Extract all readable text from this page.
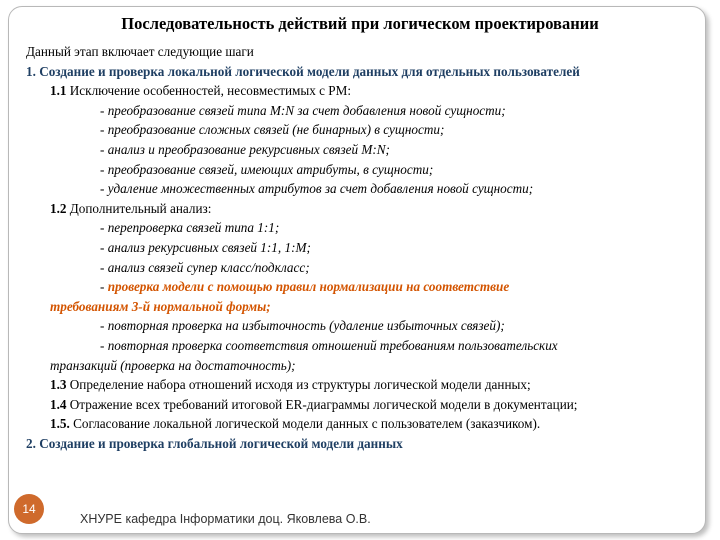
Последовательность действий при логическом проектировании

Данный этап включает следующие шаги

1. Создание и проверка локальной логической модели данных для отдельных пользователей

1.1 Исключение особенностей, несовместимых с РМ:

- преобразование связей типа M:N за счет добавления новой сущности;

- преобразование сложных связей (не бинарных) в сущности;

- анализ и преобразование рекурсивных связей M:N;

- преобразование связей, имеющих атрибуты, в сущности;

- удаление множественных атрибутов за счет добавления новой сущности;

1.2 Дополнительный анализ:

- перепроверка связей типа 1:1;

- анализ рекурсивных связей 1:1, 1:M;

- анализ связей супер класс/подкласс;

- проверка модели с помощью правил нормализации на соответствие

требованиям 3-й нормальной формы;

- повторная проверка на избыточность (удаление избыточных связей);

- повторная проверка соответствия отношений требованиям пользовательских

транзакций (проверка на достаточность);

1.3 Определение набора отношений исходя из структуры логической модели данных;

1.4 Отражение всех требований итоговой ER-диаграммы логической модели в документации;

1.5. Согласование локальной логической модели данных с пользователем (заказчиком).

2. Создание и проверка глобальной логической модели данных

14
ХНУРЕ кафедра Інформатики доц. Яковлева О.В.
